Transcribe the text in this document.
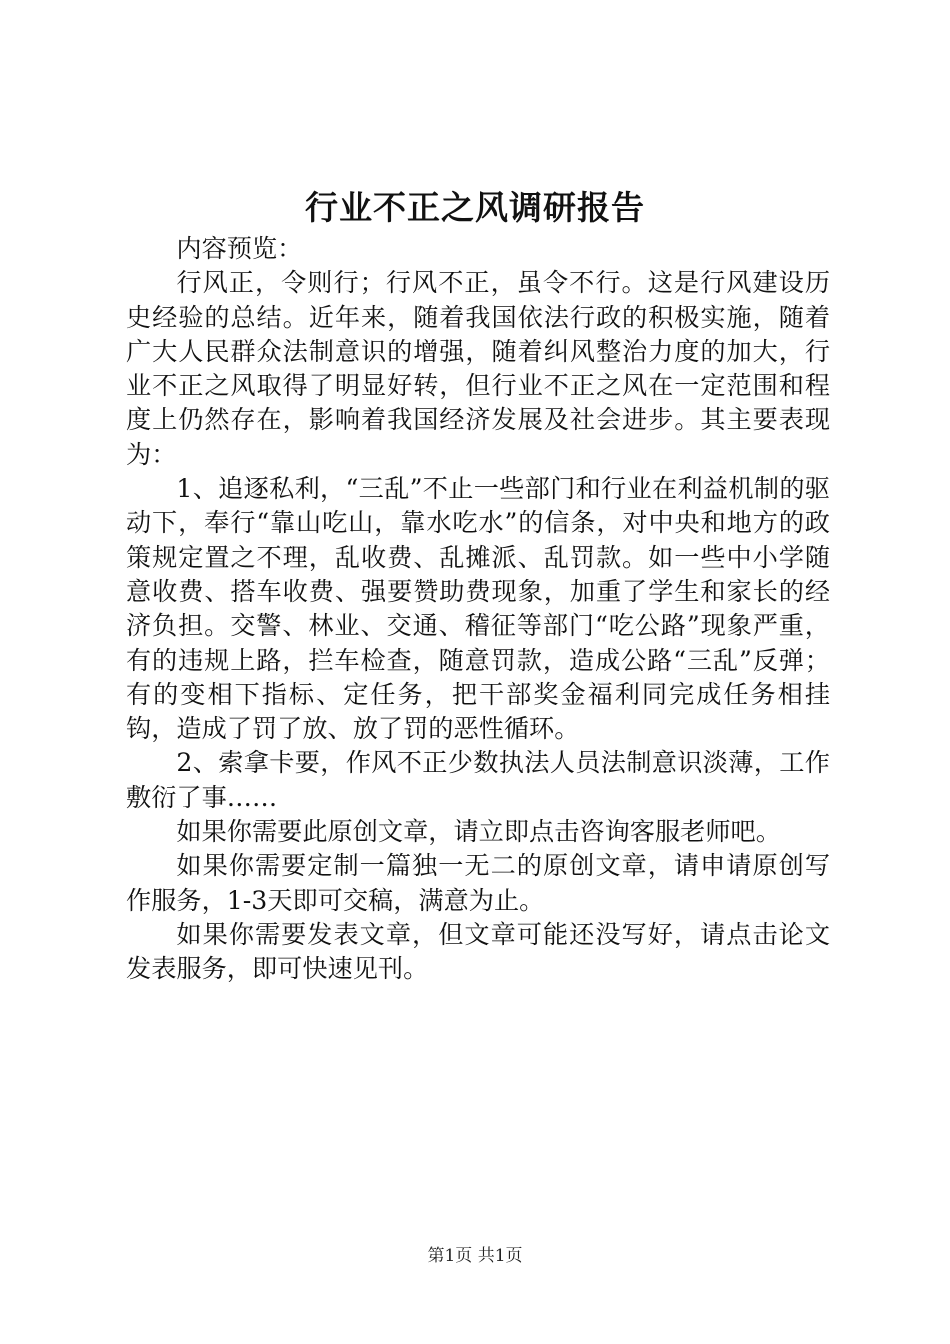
行业不正之风调研报告

内容预览：

行风正，令则行；行风不正，虽令不行。这是行风建设历史经验的总结。近年来，随着我国依法行政的积极实施，随着广大人民群众法制意识的增强，随着纠风整治力度的加大，行业不正之风取得了明显好转，但行业不正之风在一定范围和程度上仍然存在，影响着我国经济发展及社会进步。其主要表现为：

1、追逐私利，“三乱”不止一些部门和行业在利益机制的驱动下，奉行“靠山吃山，靠水吃水”的信条，对中央和地方的政策规定置之不理，乱收费、乱摊派、乱罚款。如一些中小学随意收费、搭车收费、强要赞助费现象，加重了学生和家长的经济负担。交警、林业、交通、稽征等部门“吃公路”现象严重，有的违规上路，拦车检查，随意罚款，造成公路“三乱”反弹；有的变相下指标、定任务，把干部奖金福利同完成任务相挂钩，造成了罚了放、放了罚的恶性循环。

2、索拿卡要，作风不正少数执法人员法制意识淡薄，工作敷衍了事……

如果你需要此原创文章，请立即点击咨询客服老师吧。

如果你需要定制一篇独一无二的原创文章，请申请原创写作服务，1-3天即可交稿，满意为止。

如果你需要发表文章，但文章可能还没写好，请点击论文发表服务，即可快速见刊。

第1页 共1页
